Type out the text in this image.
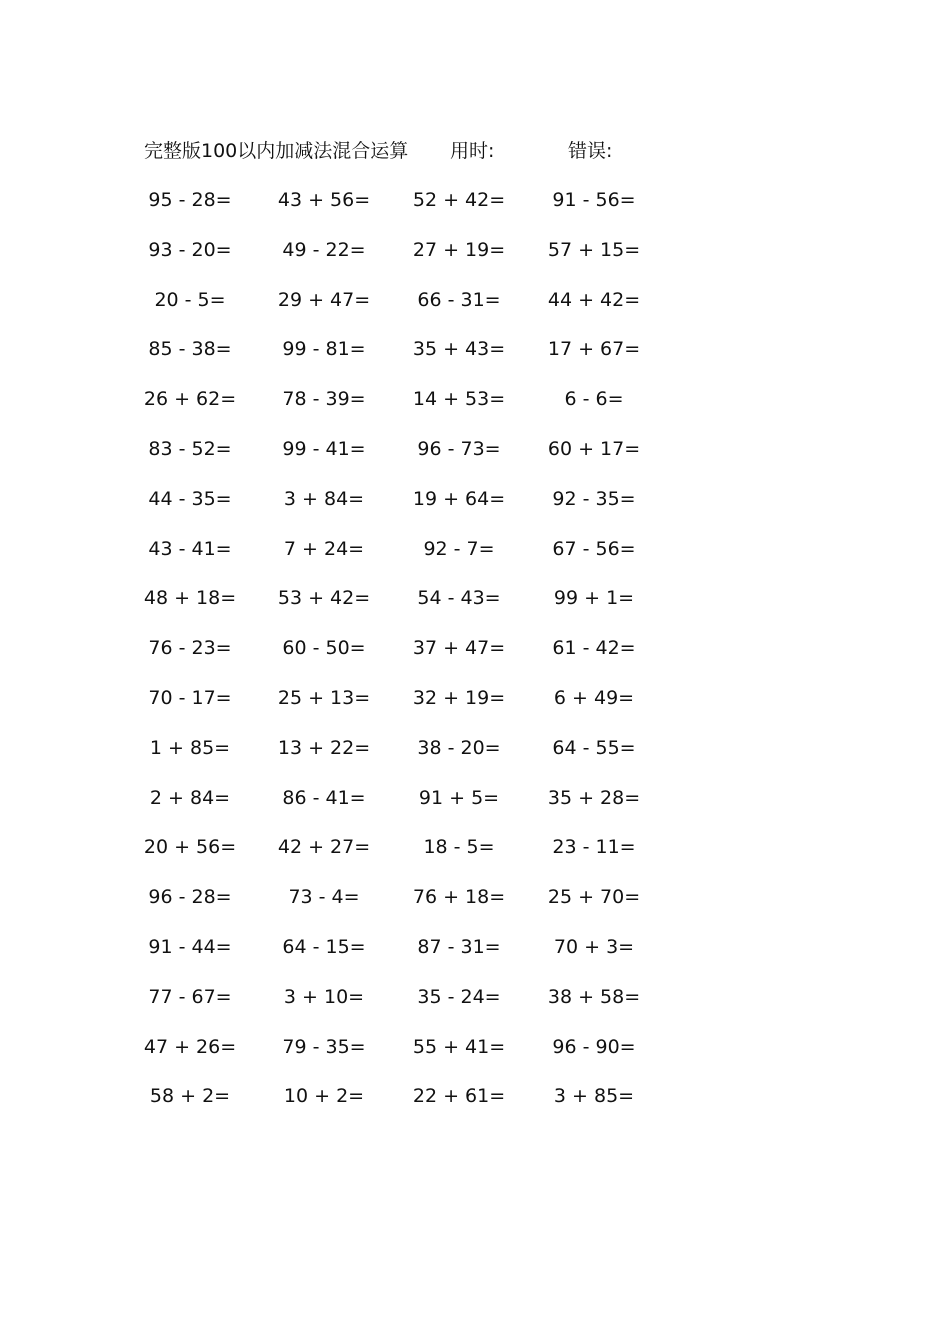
完整版100以内加减法混合运算 用时:	错误:
95 - 28=	43 + 56=	52 + 42=	91 - 56=
93 - 20=	49 - 22=	27 + 19=	57 + 15=
20 - 5=	29 + 47=	66 - 31=	44 + 42=
85 - 38=	99 - 81=	35 + 43=	17 + 67=
26 + 62=	78 - 39=	14 + 53=	6 - 6=
83 - 52=	99 - 41=	96 - 73=	60 + 17=
44 - 35=	3 + 84=	19 + 64=	92 - 35=
43 - 41=	7 + 24=	92 - 7=	67 - 56=
48 + 18=	53 + 42=	54 - 43=	99 + 1=
76 - 23=	60 - 50=	37 + 47=	61 - 42=
70 - 17=	25 + 13=	32 + 19=	6 + 49=
1 + 85=	13 + 22=	38 - 20=	64 - 55=
2 + 84=	86 - 41=	91 + 5=	35 + 28=
20 + 56=	42 + 27=	18 - 5=	23 - 11=
96 - 28=	73 - 4=	76 + 18=	25 + 70=
91 - 44=	64 - 15=	87 - 31=	70 + 3=
77 - 67=	3 + 10=	35 - 24=	38 + 58=
47 + 26=	79 - 35=	55 + 41=	96 - 90=
58 + 2=	10 + 2=	22 + 61=	3 + 85=
